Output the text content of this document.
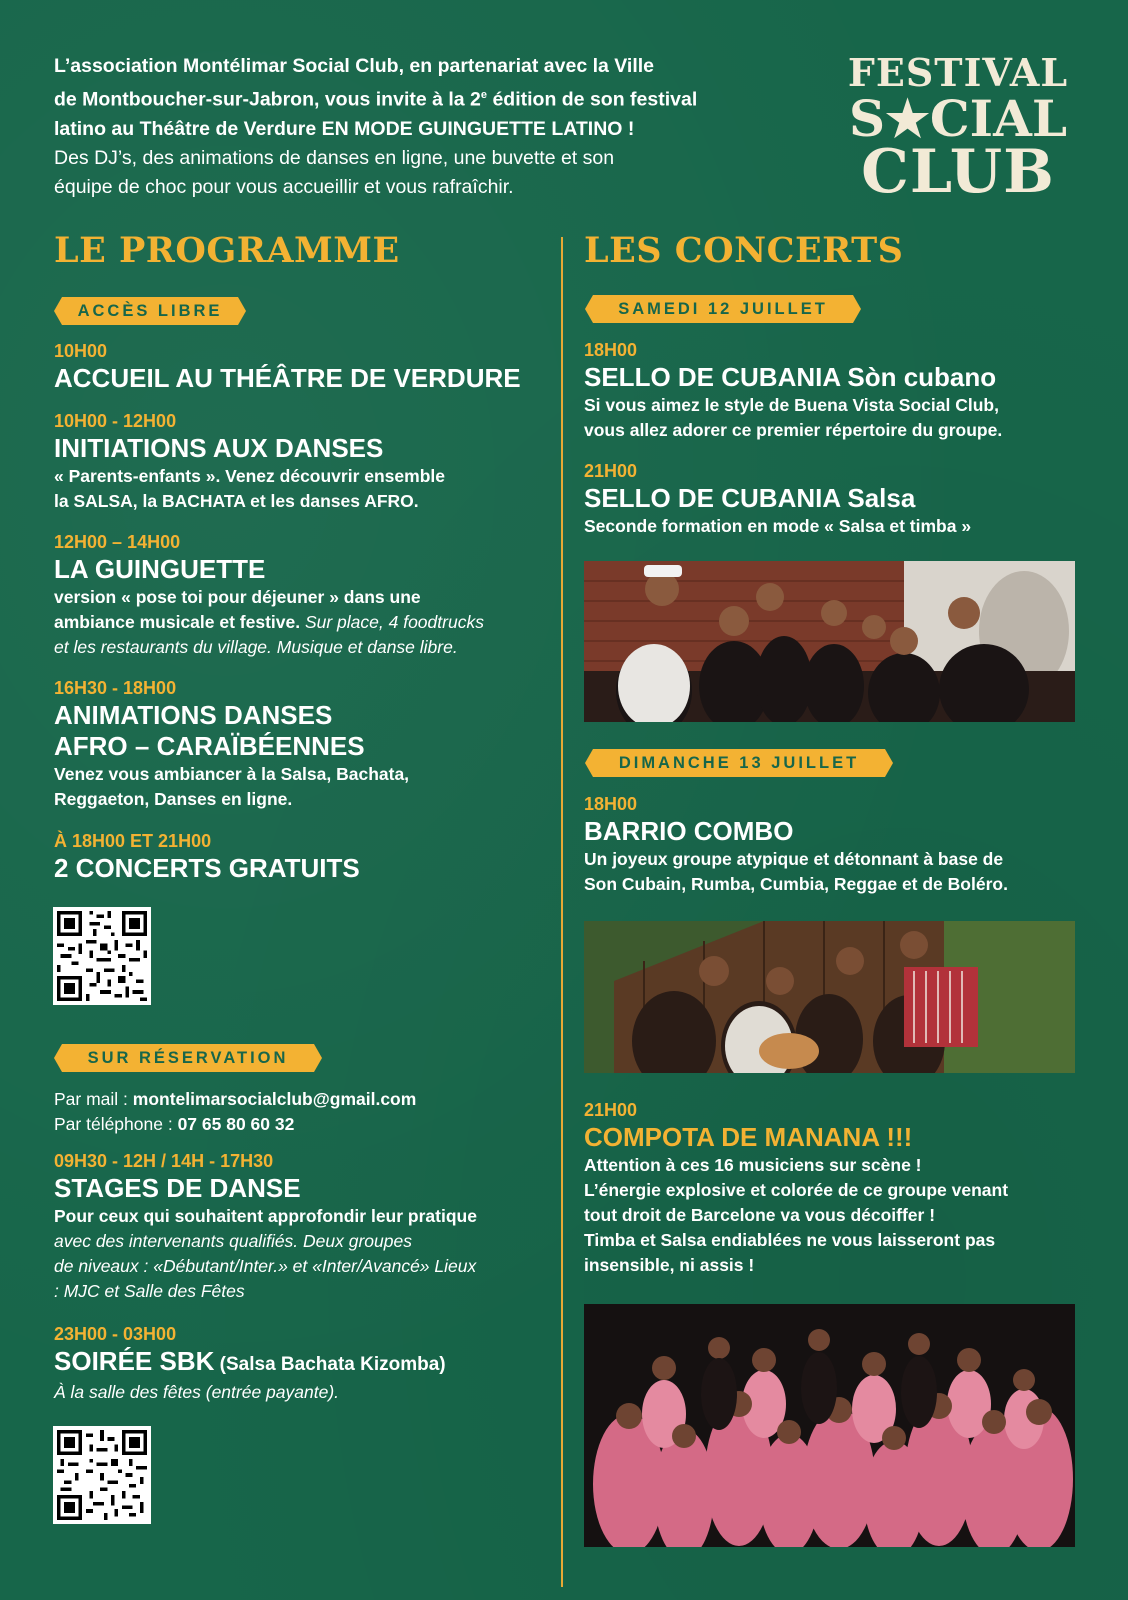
L’association Montélimar Social Club, en partenariat avec la Ville

de Montboucher-sur-Jabron, vous invite à la 2e édition de son festival

latino au Théâtre de Verdure EN MODE GUINGUETTE LATINO !

Des DJ’s, des animations de danses en ligne, une buvette et son

équipe de choc pour vous accueillir et vous rafraîchir.

FESTIVAL
S★CIAL
CLUB
LE PROGRAMME
ACCÈS LIBRE
10H00
ACCUEIL AU THÉÂTRE DE VERDURE
10H00 - 12H00
INITIATIONS AUX DANSES
« Parents-enfants ». Venez découvrir ensemble
la SALSA, la BACHATA et les danses AFRO.
12H00 – 14H00
LA GUINGUETTE
version « pose toi pour déjeuner » dans une
ambiance musicale et festive. Sur place, 4 foodtrucks
et les restaurants du village. Musique et danse libre.
16H30 - 18H00
ANIMATIONS DANSES
AFRO – CARAÏBÉENNES
Venez vous ambiancer à la Salsa, Bachata,
Reggaeton, Danses en ligne.
À 18H00 ET 21H00
2 CONCERTS GRATUITS
SUR RÉSERVATION
Par mail : montelimarsocialclub@gmail.com
Par téléphone : 07 65 80 60 32
09H30 - 12H / 14H - 17H30
STAGES DE DANSE
Pour ceux qui souhaitent approfondir leur pratique
avec des intervenants qualifiés. Deux groupes
de niveaux : «Débutant/Inter.» et «Inter/Avancé» Lieux
: MJC et Salle des Fêtes
23H00 - 03H00
SOIRÉE SBK (Salsa Bachata Kizomba)
À la salle des fêtes (entrée payante).
LES CONCERTS
SAMEDI 12 JUILLET
18H00
SELLO DE CUBANIA Sòn cubano
Si vous aimez le style de Buena Vista Social Club,
vous allez adorer ce premier répertoire du groupe.
21H00
SELLO DE CUBANIA Salsa
Seconde formation en mode « Salsa et timba »
DIMANCHE 13 JUILLET
18H00
BARRIO COMBO
Un joyeux groupe atypique et détonnant à base de
Son Cubain, Rumba, Cumbia, Reggae et de Boléro.
21H00
COMPOTA DE MANANA !!!
Attention à ces 16 musiciens sur scène !
L’énergie explosive et colorée de ce groupe venant
tout droit de Barcelone va vous décoiffer !
Timba et Salsa endiablées ne vous laisseront pas
insensible, ni assis !
